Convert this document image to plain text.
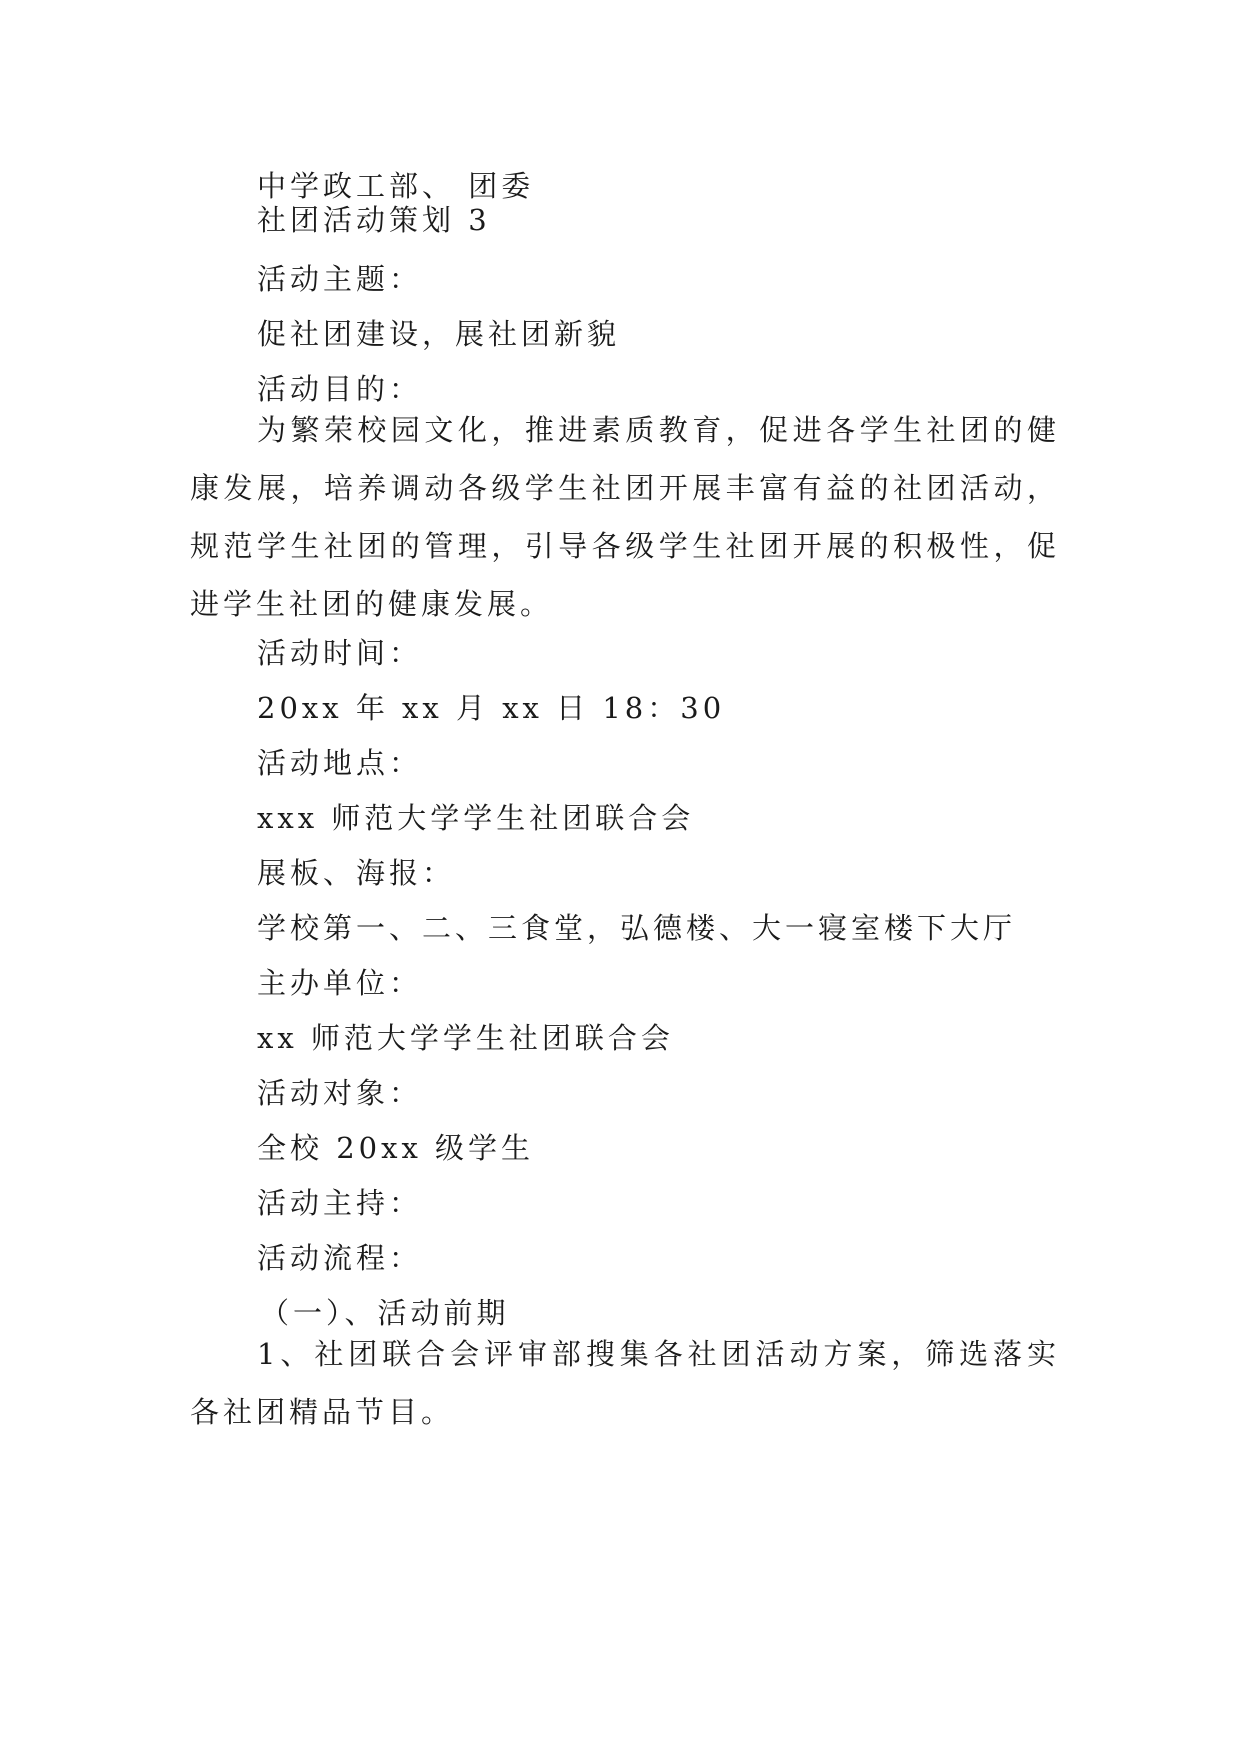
中学政工部、 团委
社团活动策划 3
活动主题：
促社团建设，展社团新貌
活动目的：
为繁荣校园文化，推进素质教育，促进各学生社团的健康发展，培养调动各级学生社团开展丰富有益的社团活动，规范学生社团的管理，引导各级学生社团开展的积极性，促进学生社团的健康发展。
活动时间：
20xx 年 xx 月 xx 日 18：30
活动地点：
xxx 师范大学学生社团联合会
展板、海报：
学校第一、二、三食堂，弘德楼、大一寝室楼下大厅
主办单位：
xx 师范大学学生社团联合会
活动对象：
全校 20xx 级学生
活动主持：
活动流程：
（一）、活动前期
1、社团联合会评审部搜集各社团活动方案，筛选落实各社团精品节目。
